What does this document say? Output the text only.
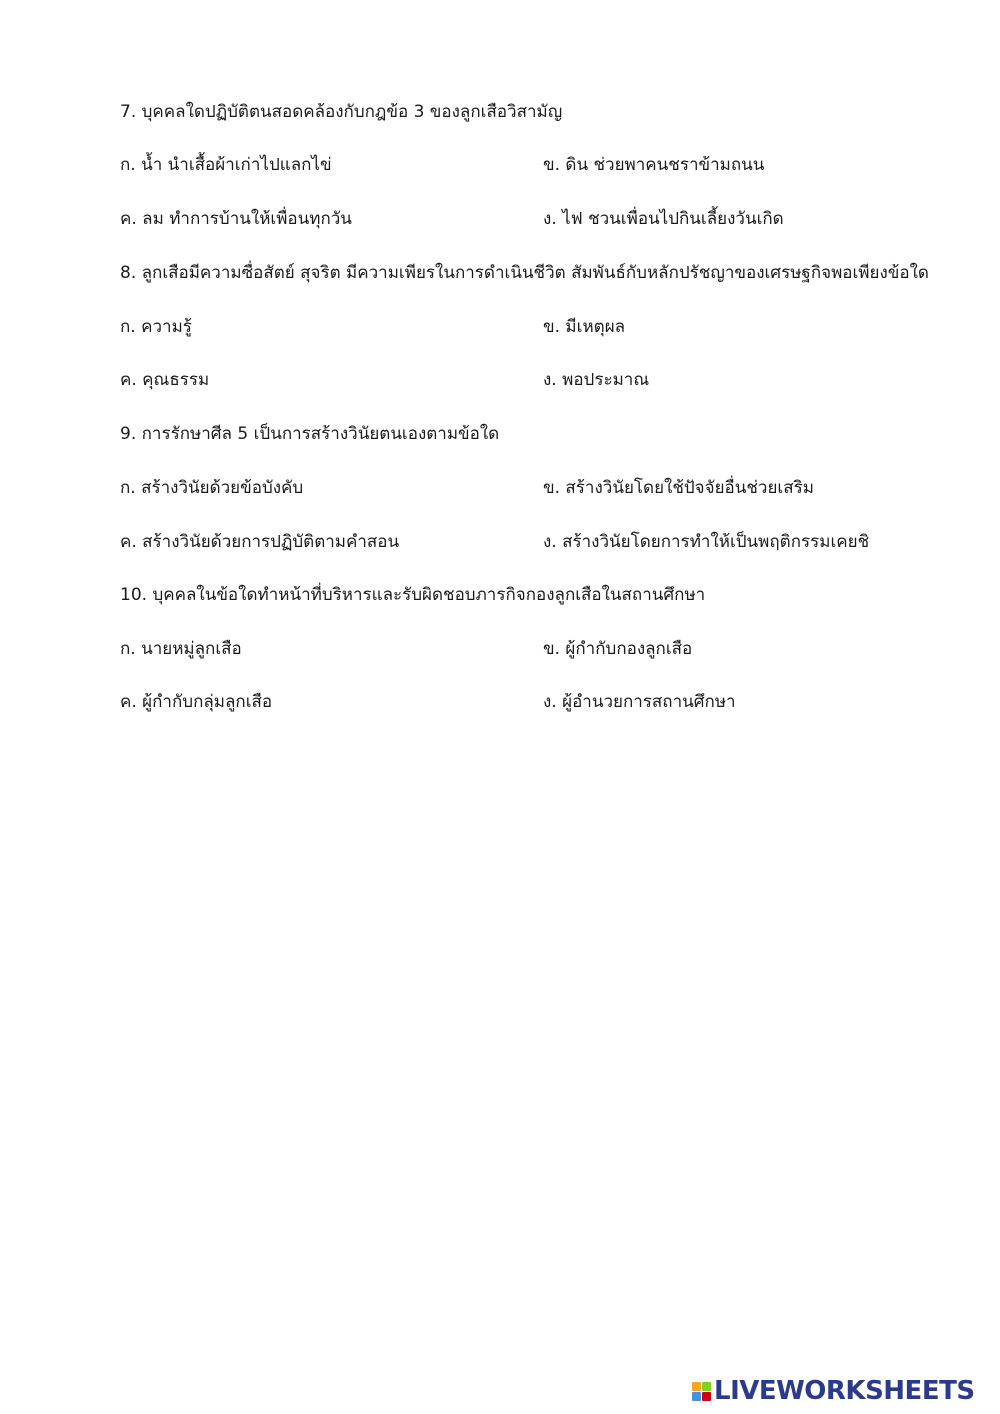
7. บุคคลใดปฏิบัติตนสอดคล้องกับกฎข้อ 3 ของลูกเสือวิสามัญ
ก. น้ำ นำเสื้อผ้าเก่าไปแลกไข่	ข. ดิน ช่วยพาคนชราข้ามถนน
ค. ลม ทำการบ้านให้เพื่อนทุกวัน	ง. ไฟ ชวนเพื่อนไปกินเลี้ยงวันเกิด
8. ลูกเสือมีความซื่อสัตย์ สุจริต มีความเพียรในการดำเนินชีวิต สัมพันธ์กับหลักปรัชญาของเศรษฐกิจพอเพียงข้อใด
ก. ความรู้	ข. มีเหตุผล
ค. คุณธรรม	ง. พอประมาณ
9. การรักษาศีล 5 เป็นการสร้างวินัยตนเองตามข้อใด
ก. สร้างวินัยด้วยข้อบังคับ	ข. สร้างวินัยโดยใช้ปัจจัยอื่นช่วยเสริม
ค. สร้างวินัยด้วยการปฏิบัติตามคำสอน	ง. สร้างวินัยโดยการทำให้เป็นพฤติกรรมเคยชิ
10. บุคคลในข้อใดทำหน้าที่บริหารและรับผิดชอบภารกิจกองลูกเสือในสถานศึกษา
ก. นายหมู่ลูกเสือ	ข. ผู้กำกับกองลูกเสือ
ค. ผู้กำกับกลุ่มลูกเสือ	ง. ผู้อำนวยการสถานศึกษา
LIVEWORKSHEETS
